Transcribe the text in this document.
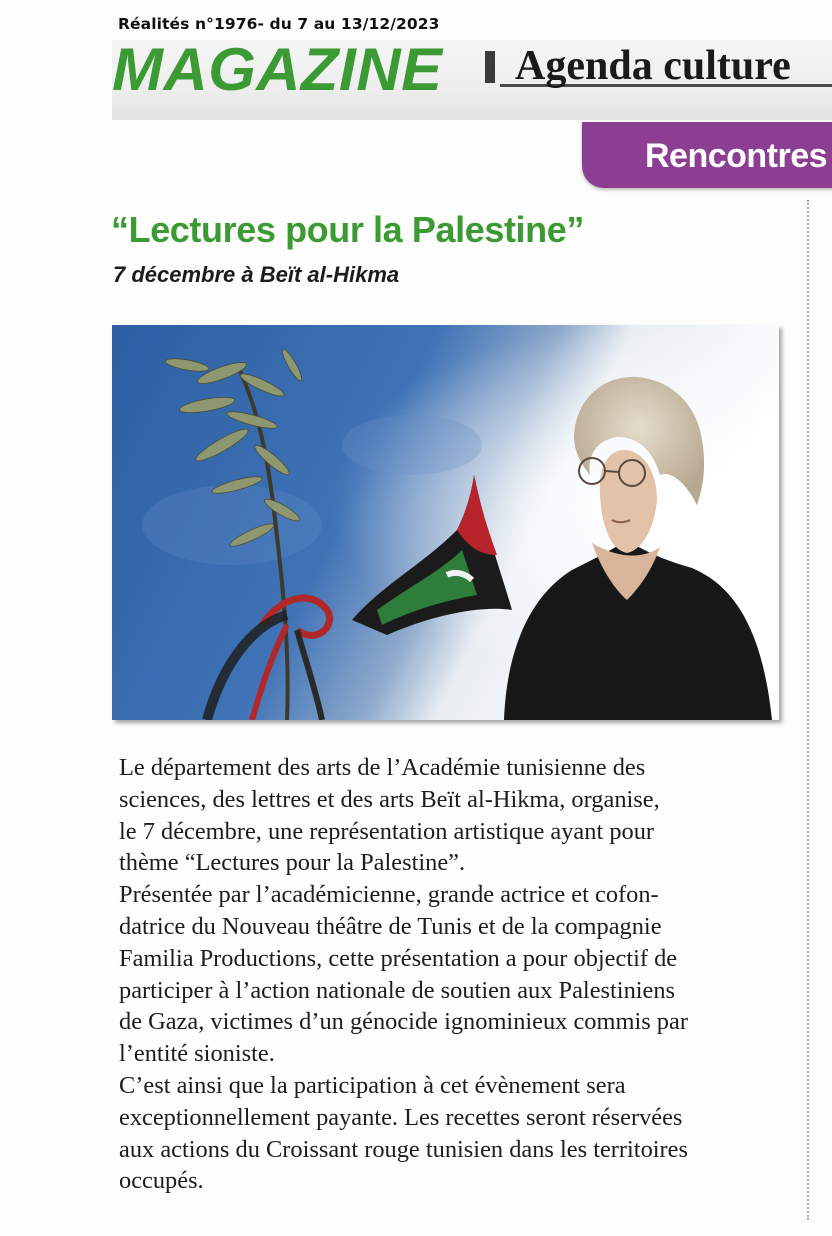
Réalités n°1976- du 7 au 13/12/2023
MAGAZINE Agenda culture
Rencontres
“Lectures pour la Palestine”
7 décembre à Beït al-Hikma
Le département des arts de l’Académie tunisienne des
sciences, des lettres et des arts Beït al-Hikma, organise,
le 7 décembre, une représentation artistique ayant pour
thème “Lectures pour la Palestine”.
Présentée par l’académicienne, grande actrice et cofon-
datrice du Nouveau théâtre de Tunis et de la compagnie
Familia Productions, cette présentation a pour objectif de
participer à l’action nationale de soutien aux Palestiniens
de Gaza, victimes d’un génocide ignominieux commis par
l’entité sioniste.
C’est ainsi que la participation à cet évènement sera
exceptionnellement payante. Les recettes seront réservées
aux actions du Croissant rouge tunisien dans les territoires
occupés.
